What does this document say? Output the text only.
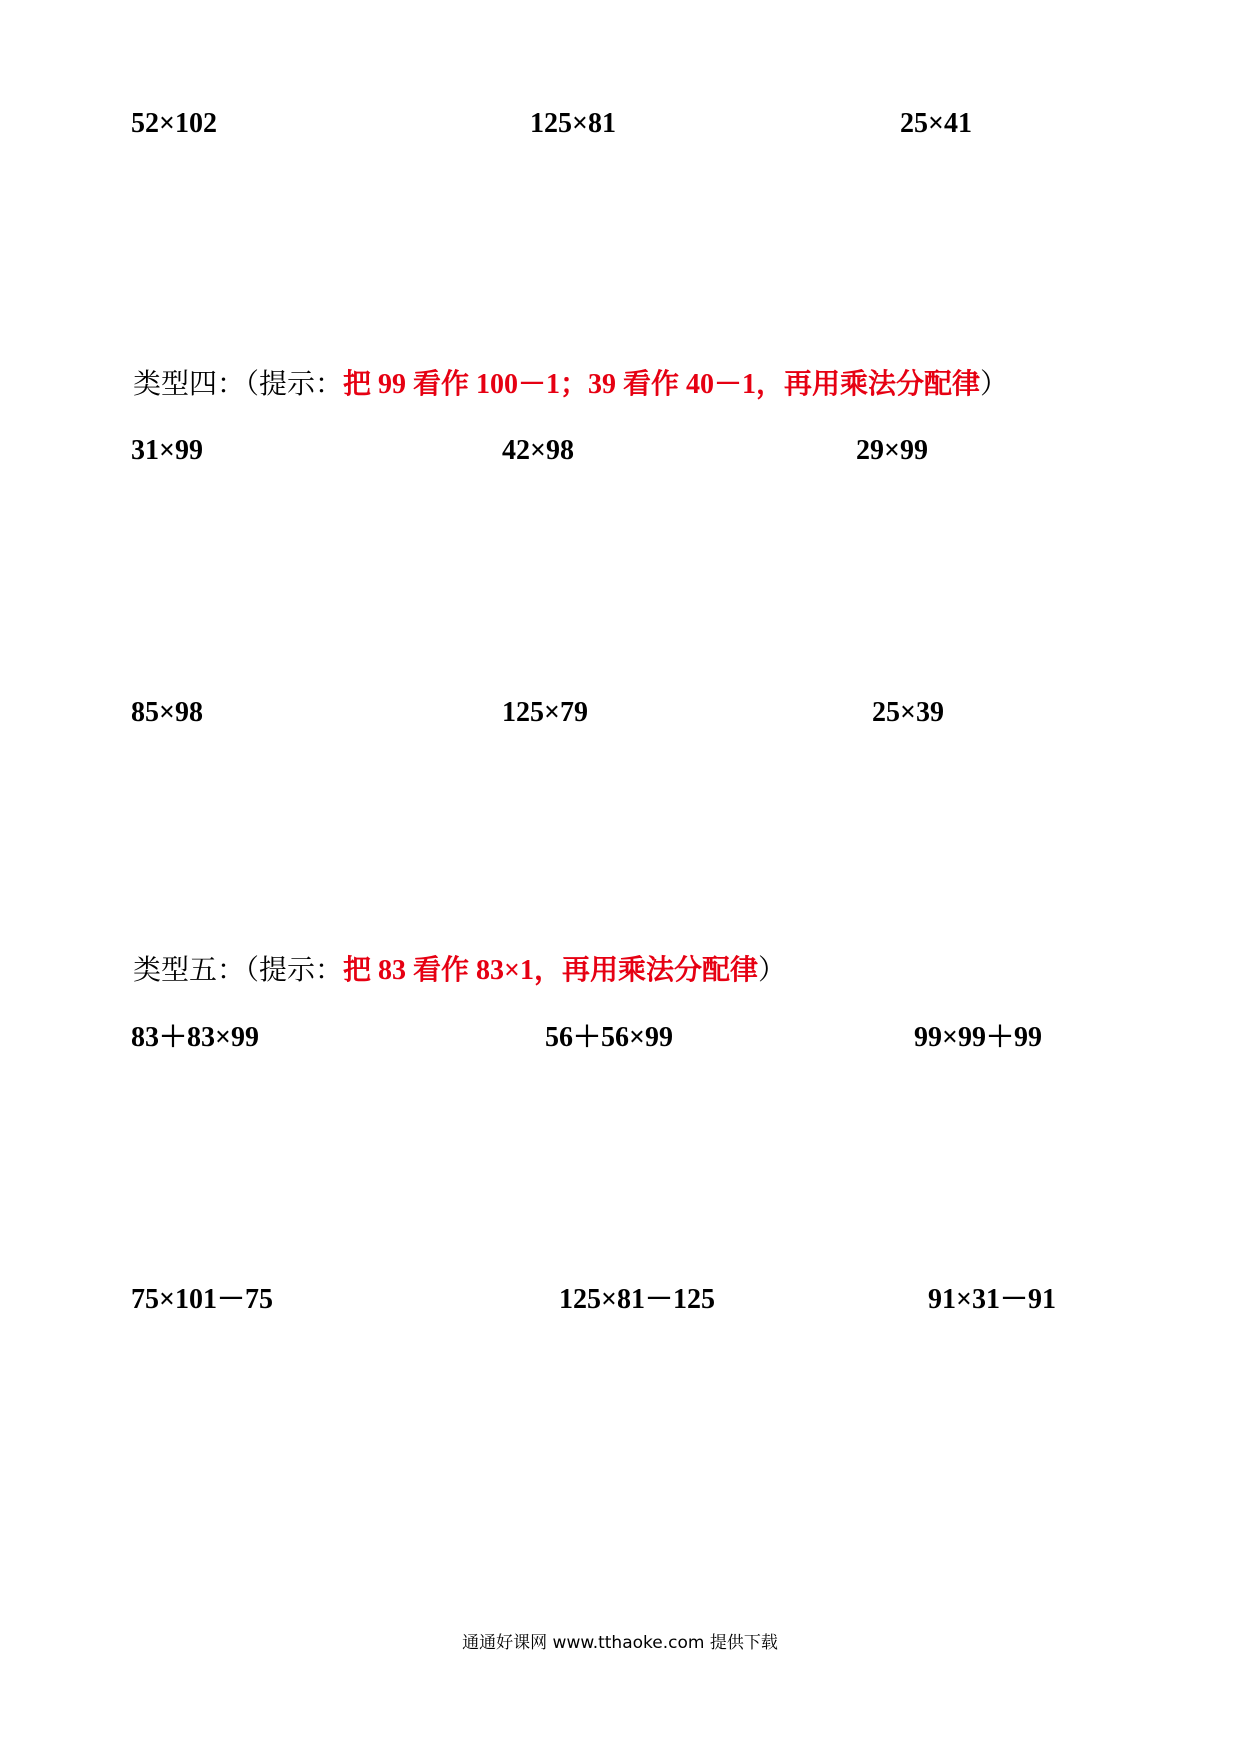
52×102	125×81	25×41
类型四：（提示：把 99 看作 100－1；39 看作 40－1，再用乘法分配律）
31×99	42×98	29×99
85×98	125×79	25×39
类型五：（提示：把 83 看作 83×1，再用乘法分配律）
83＋83×99	56＋56×99	99×99＋99
75×101－75	125×81－125	91×31－91
通通好课网 www.tthaoke.com 提供下载
